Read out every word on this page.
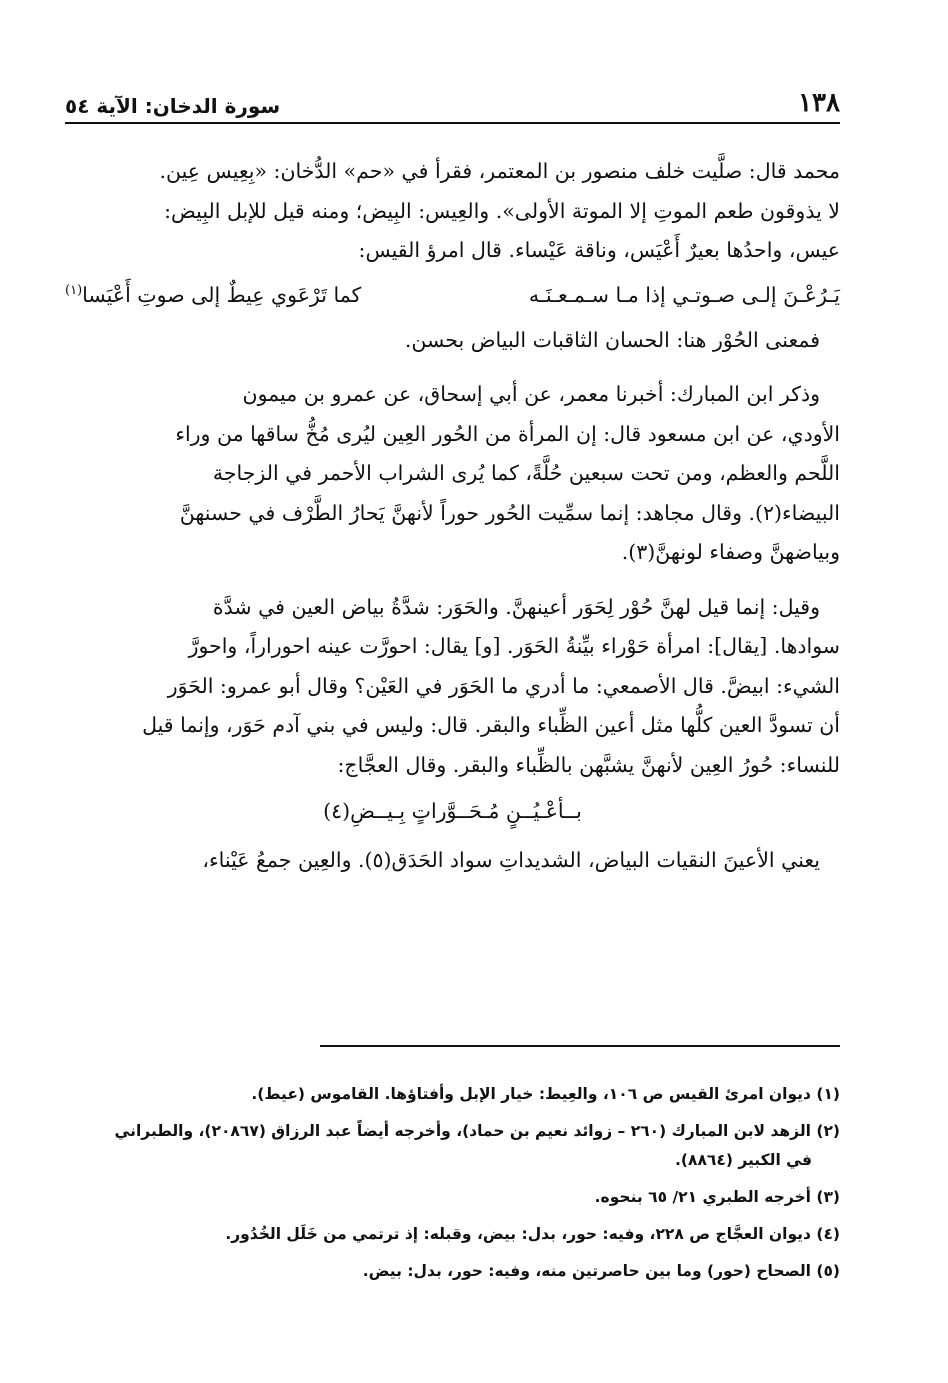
١٣٨
سورة الدخان: الآية ٥٤
محمد قال: صلَّيت خلف منصور بن المعتمر، فقرأ في «حم» الدُّخان: «بِعِيس عِين.
لا يذوقون طعم الموتِ إلا الموتة الأولى». والعِيس: البِيض؛ ومنه قيل للإبل البِيض:
عيس، واحدُها بعيرٌ أَعْيَس، وناقة عَيْساء. قال امرؤ القيس:
يَـرُعْـنَ إلـى صـوتـي إذا مـا سـمـعـنَـه
كما تَرْعَوي عِيطٌ إلى صوتِ أَعْيَسا$^{(١)}$
فمعنى الحُوْر هنا: الحسان الثاقبات البياض بحسن.
وذكر ابن المبارك: أخبرنا معمر، عن أبي إسحاق، عن عمرو بن ميمون
الأودي، عن ابن مسعود قال: إن المرأة من الحُور العِين ليُرى مُخُّ ساقها من وراء
اللَّحم والعظم، ومن تحت سبعين حُلَّةً، كما يُرى الشراب الأحمر في الزجاجة
البيضاء(٢). وقال مجاهد: إنما سمِّيت الحُور حوراً لأنهنَّ يَحارُ الطَّرْف في حسنهنَّ
وبياضهنَّ وصفاء لونهنَّ(٣).
وقيل: إنما قيل لهنَّ حُوْر لِحَوَر أعينهنَّ. والحَوَر: شدَّةُ بياض العين في شدَّة
سوادها. [يقال]: امرأة حَوْراء بيِّنةُ الحَوَر. [و] يقال: احورَّت عينه احوراراً، واحورَّ
الشيء: ابيضَّ. قال الأصمعي: ما أدري ما الحَوَر في العَيْن؟ وقال أبو عمرو: الحَوَر
أن تسودَّ العين كلُّها مثل أعين الظِّباء والبقر. قال: وليس في بني آدم حَوَر، وإنما قيل
للنساء: حُورُ العِين لأنهنَّ يشبَّهن بالظِّباء والبقر. وقال العجَّاج:
بــأعْـيُــنٍ مُـحَــوَّراتٍ بِـيــضِ(٤)
يعني الأعينَ النقيات البياض، الشديداتِ سواد الحَدَق(٥). والعِين جمعُ عَيْناء،
(١) ديوان امرئ القيس ص ١٠٦، والعِيط: خيار الإبل وأفتاؤها. القاموس (عيط).
(٢) الزهد لابن المبارك (٢٦٠ – زوائد نعيم بن حماد)، وأخرجه أيضاً عبد الرزاق (٢٠٨٦٧)، والطبراني
في الكبير (٨٨٦٤).
(٣) أخرجه الطبري ٢١/ ٦٥ بنحوه.
(٤) ديوان العجَّاج ص ٢٢٨، وفيه: حور، بدل: بيض، وقبله: إذ ترتمي من خَلَل الخُدُور.
(٥) الصحاح (حور) وما بين حاصرتين منه، وفيه: حور، بدل: بيض.
